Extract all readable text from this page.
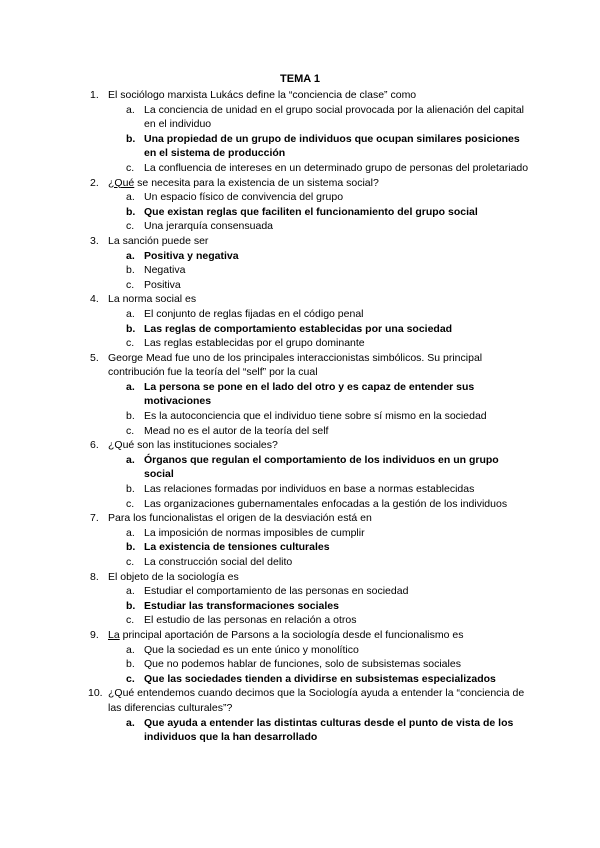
TEMA 1
1. El sociólogo marxista Lukács define la “conciencia de clase” como
a. La conciencia de unidad en el grupo social provocada por la alienación del capital en el individuo
b. Una propiedad de un grupo de individuos que ocupan similares posiciones en el sistema de producción
c. La confluencia de intereses en un determinado grupo de personas del proletariado
2. ¿Qué se necesita para la existencia de un sistema social?
a. Un espacio físico de convivencia del grupo
b. Que existan reglas que faciliten el funcionamiento del grupo social
c. Una jerarquía consensuada
3. La sanción puede ser
a. Positiva y negativa
b. Negativa
c. Positiva
4. La norma social es
a. El conjunto de reglas fijadas en el código penal
b. Las reglas de comportamiento establecidas por una sociedad
c. Las reglas establecidas por el grupo dominante
5. George Mead fue uno de los principales interaccionistas simbólicos. Su principal contribución fue la teoría del “self” por la cual
a. La persona se pone en el lado del otro y es capaz de entender sus motivaciones
b. Es la autoconciencia que el individuo tiene sobre sí mismo en la sociedad
c. Mead no es el autor de la teoría del self
6. ¿Qué son las instituciones sociales?
a. Órganos que regulan el comportamiento de los individuos en un grupo social
b. Las relaciones formadas por individuos en base a normas establecidas
c. Las organizaciones gubernamentales enfocadas a la gestión de los individuos
7. Para los funcionalistas el origen de la desviación está en
a. La imposición de normas imposibles de cumplir
b. La existencia de tensiones culturales
c. La construcción social del delito
8. El objeto de la sociología es
a. Estudiar el comportamiento de las personas en sociedad
b. Estudiar las transformaciones sociales
c. El estudio de las personas en relación a otros
9. La principal aportación de Parsons a la sociología desde el funcionalismo es
a. Que la sociedad es un ente único y monolítico
b. Que no podemos hablar de funciones, solo de subsistemas sociales
c. Que las sociedades tienden a dividirse en subsistemas especializados
10. ¿Qué entendemos cuando decimos que la Sociología ayuda a entender la “conciencia de las diferencias culturales”?
a. Que ayuda a entender las distintas culturas desde el punto de vista de los individuos que la han desarrollado
